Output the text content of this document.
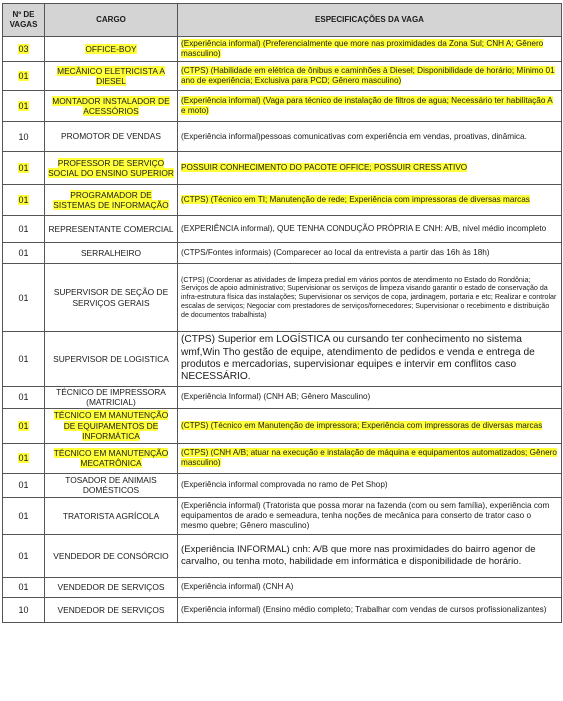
Nº DE VAGAS	CARGO	ESPECIFICAÇÕES DA VAGA
03	OFFICE-BOY	(Experiência informal) (Preferencialmente que more nas proximidades da Zona Sul; CNH A; Gênero masculino)
01	MECÂNICO ELETRICISTA A DIESEL	(CTPS) (Habilidade em elétrica de ônibus e caminhões à Diesel; Disponibilidade de horário; Mínimo 01 ano de experiência; Exclusiva para PCD; Gênero masculino)
01	MONTADOR INSTALADOR DE ACESSÓRIOS	(Experiência informal) (Vaga para técnico de instalação de filtros de agua; Necessário ter habilitação A e moto)
10	PROMOTOR DE VENDAS	(Experiência informal)pessoas comunicativas com experiência em vendas, proativas, dinâmica.
01	PROFESSOR DE SERVIÇO SOCIAL DO ENSINO SUPERIOR	POSSUIR CONHECIMENTO DO PACOTE OFFICE; POSSUIR CRESS ATIVO
01	PROGRAMADOR DE SISTEMAS DE INFORMAÇÃO	(CTPS) (Técnico em TI; Manutenção de rede; Experiência com impressoras de diversas marcas
01	REPRESENTANTE COMERCIAL	(EXPERIÊNCIA informal), QUE TENHA CONDUÇÃO PRÓPRIA E CNH: A/B, nível médio incompleto
01	SERRALHEIRO	(CTPS/Fontes informais) (Comparecer ao local da entrevista a partir das 16h às 18h)
01	SUPERVISOR DE SEÇÃO DE SERVIÇOS GERAIS	(CTPS) (Coordenar as atividades de limpeza predial em vários pontos de atendimento no Estado do Rondônia; Serviços de apoio administrativo; Supervisionar os serviços de limpeza visando garantir o estado de conservação da infra-estrutura física das instalações; Supervisionar os serviços de copa, jardinagem, portaria e etc; Realizar e controlar escalas de serviços; Negociar com prestadores de serviços/fornecedores; Supervisionar o recebimento e distribuição de documentos trabalhista)
01	SUPERVISOR DE LOGISTICA	(CTPS) Superior em LOGÍSTICA ou cursando ter conhecimento no sistema wmf,Win Tho gestão de equipe, atendimento de pedidos e venda e entrega de produtos e mercadorias, supervisionar equipes e intervir em conflitos caso NECESSÁRIO.
01	TÉCNICO DE IMPRESSORA (MATRICIAL)	(Experiência Informal) (CNH AB; Gênero Masculino)
01	TÉCNICO EM MANUTENÇÃO DE EQUIPAMENTOS DE INFORMÁTICA	(CTPS) (Técnico em Manutenção de impressora; Experiência com impressoras de diversas marcas
01	TÉCNICO EM MANUTENÇÃO MECATRÔNICA	(CTPS) (CNH A/B; atuar na execução e instalação de máquina e equipamentos automatizados; Gênero masculino)
01	TOSADOR DE ANIMAIS DOMÉSTICOS	(Experiência informal comprovada no ramo de Pet Shop)
01	TRATORISTA AGRÍCOLA	(Experiência informal) (Tratorista que possa morar na fazenda (com ou sem família), experiência com equipamentos de arado e semeadura, tenha noções de mecânica para conserto de trator caso o mesmo quebre; Gênero masculino)
01	VENDEDOR DE CONSÓRCIO	(Experiência INFORMAL) cnh: A/B que more nas proximidades do bairro agenor de carvalho, ou tenha moto, habilidade em informática e disponibilidade de horário.
01	VENDEDOR DE SERVIÇOS	(Experiência informal) (CNH A)
10	VENDEDOR DE SERVIÇOS	(Experiência informal) (Ensino médio completo; Trabalhar com vendas de cursos profissionalizantes)
